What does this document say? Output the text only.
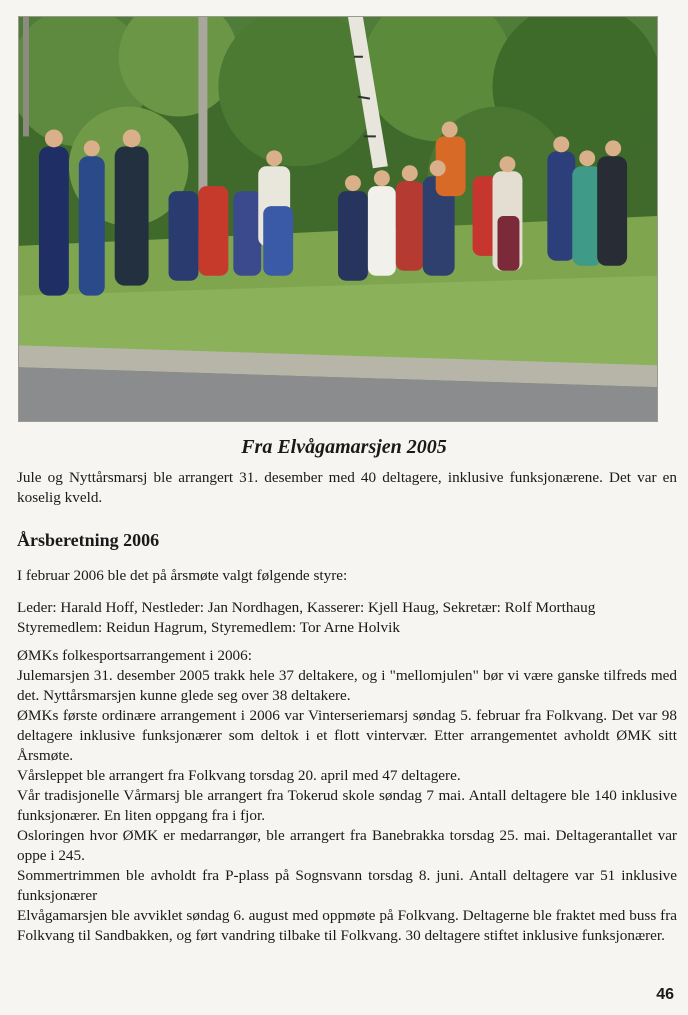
Fra Elvågamarsjen 2005

Jule og Nyttårsmarsj ble arrangert 31. desember med 40 deltagere, inklusive funksjonærene. Det var en koselig kveld.

Årsberetning 2006

I februar 2006 ble det på årsmøte valgt følgende styre:

Leder: Harald Hoff, Nestleder: Jan Nordhagen, Kasserer: Kjell Haug, Sekretær: Rolf Morthaug

Styremedlem: Reidun Hagrum, Styremedlem: Tor Arne Holvik

ØMKs folkesportsarrangement i 2006:

Julemarsjen 31. desember 2005 trakk hele 37 deltakere, og i "mellomjulen" bør vi være ganske tilfreds med det. Nyttårsmarsjen kunne glede seg over 38 deltakere.

ØMKs første ordinære arrangement i 2006 var Vinterseriemarsj søndag 5. februar fra Folkvang. Det var 98 deltagere inklusive funksjonærer som deltok i et flott vintervær. Etter arrangementet avholdt ØMK sitt Årsmøte.

Vårsleppet ble arrangert fra Folkvang torsdag 20. april med 47 deltagere.

Vår tradisjonelle Vårmarsj ble arrangert fra Tokerud skole søndag 7 mai. Antall deltagere ble 140 inklusive funksjonærer. En liten oppgang fra i fjor.

Osloringen hvor ØMK er medarrangør, ble arrangert fra Banebrakka torsdag 25. mai. Deltagerantallet var oppe i 245.

Sommertrimmen ble avholdt fra P-plass på Sognsvann torsdag 8. juni. Antall deltagere var 51 inklusive funksjonærer

Elvågamarsjen ble avviklet søndag 6. august med oppmøte på Folkvang. Deltagerne ble fraktet med buss fra Folkvang til Sandbakken, og ført vandring tilbake til Folkvang. 30 deltagere stiftet inklusive funksjonærer.

46
